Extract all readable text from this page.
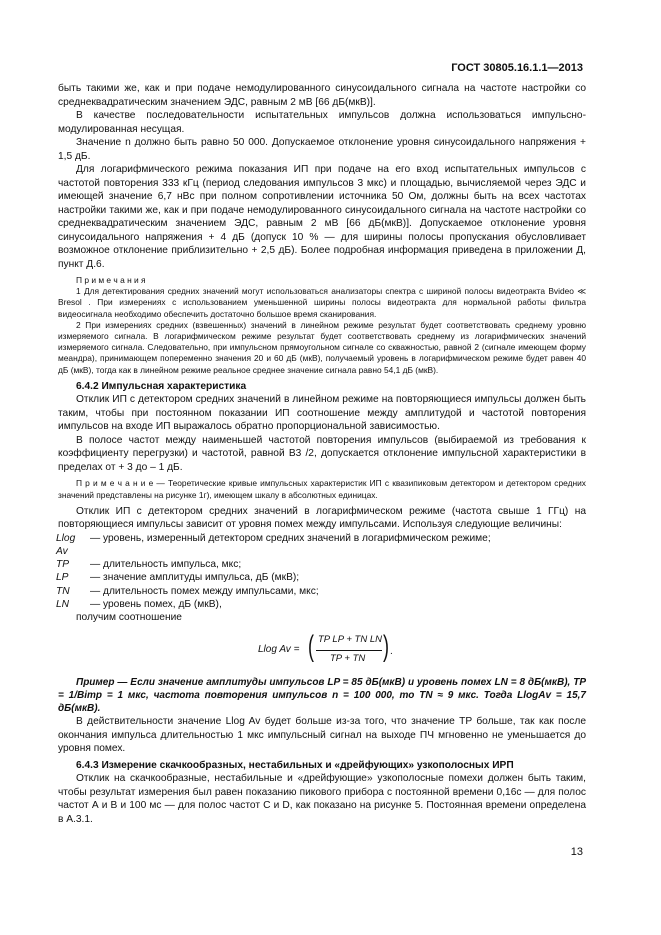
ГОСТ 30805.16.1.1—2013

быть такими же, как и при подаче немодулированного синусоидального сигнала на частоте настройки со среднеквадратическим значением ЭДС, равным 2 мВ [66 дБ(мкВ)].

В качестве последовательности испытательных импульсов должна использоваться импульсно-модулированная несущая.

Значение n должно быть равно 50 000. Допускаемое отклонение уровня синусоидального напряжения + 1,5 дБ.

Для логарифмического режима показания ИП при подаче на его вход испытательных импульсов с частотой повторения 333 кГц (период следования импульсов 3 мкс) и площадью, вычисляемой через ЭДС и имеющей значение 6,7 нВс при полном сопротивлении источника 50 Ом, должны быть на всех частотах настройки такими же, как и при подаче немодулированного синусоидального сигнала на частоте настройки со среднеквадратическим значением ЭДС, равным 2 мВ [66 дБ(мкВ)]. Допускаемое отклонение уровня синусоидального напряжения + 4 дБ (допуск 10 % — для ширины полосы пропускания обусловливает возможное отклонение приблизительно + 2,5 дБ). Более подробная информация приведена в приложении Д, пункт Д.6.

П р и м е ч а н и я

1 Для детектирования средних значений могут использоваться анализаторы спектра с шириной полосы видеотракта Bvideo ≪ Bresol . При измерениях с использованием уменьшенной ширины полосы видеотракта для нормальной работы фильтра видеосигнала необходимо обеспечить достаточно большое время сканирования.

2 При измерениях средних (взвешенных) значений в линейном режиме результат будет соответствовать среднему уровню измеряемого сигнала. В логарифмическом режиме результат будет соответствовать среднему из логарифмических значений измеряемого сигнала. Следовательно, при импульсном прямоугольном сигнале со скважностью, равной 2 (сигнале имеющем форму меандра), принимающем попеременно значения 20 и 60 дБ (мкВ), получаемый уровень в логарифмическом режиме будет равен 40 дБ (мкВ), тогда как в линейном режиме реальное среднее значение сигнала равно 54,1 дБ (мкВ).

6.4.2 Импульсная характеристика

Отклик ИП с детектором средних значений в линейном режиме на повторяющиеся импульсы должен быть таким, чтобы при постоянном показании ИП соотношение между амплитудой и частотой повторения импульсов на входе ИП выражалось обратно пропорциональной зависимостью.

В полосе частот между наименьшей частотой повторения импульсов (выбираемой из требования к коэффициенту перегрузки) и частотой, равной B3 /2, допускается отклонение импульсной характеристики в пределах от + 3 до – 1 дБ.

П р и м е ч а н и е — Теоретические кривые импульсных характеристик ИП с квазипиковым детектором и детектором средних значений представлены на рисунке 1г), имеющем шкалу в абсолютных единицах.

Отклик ИП с детектором средних значений в логарифмическом режиме (частота свыше 1 ГГц) на повторяющиеся импульсы зависит от уровня помех между импульсами. Используя следующие величины:

Llog Av	— уровень, измеренный детектором средних значений в логарифмическом режиме;
TP	— длительность импульса, мкс;
LP	— значение амплитуды импульса, дБ (мкВ);
TN	— длительность помех между импульсами, мкс;
LN	— уровень помех, дБ (мкВ),

получим соотношение

Llog Av = ( TP LP + TN LN
TP + TN ) .

Пример — Если значение амплитуды импульсов LP = 85 дБ(мкВ) и уровень помех LN = 8 дБ(мкВ), TP = 1/Bimp = 1 мкс, частота повторения импульсов n = 100 000, то TN ≈ 9 мкс. Тогда LlogAv = 15,7 дБ(мкВ).

В действительности значение Llog Av будет больше из-за того, что значение TP больше, так как после окончания импульса длительностью 1 мкс импульсный сигнал на выходе ПЧ мгновенно не уменьшается до уровня помех.

6.4.3 Измерение скачкообразных, нестабильных и «дрейфующих» узкополосных ИРП

Отклик на скачкообразные, нестабильные и «дрейфующие» узкополосные помехи должен быть таким, чтобы результат измерения был равен показанию пикового прибора с постоянной времени 0,16с — для полос частот А и В и 100 мс — для полос частот С и D, как показано на рисунке 5. Постоянная времени определена в А.3.1.

13
